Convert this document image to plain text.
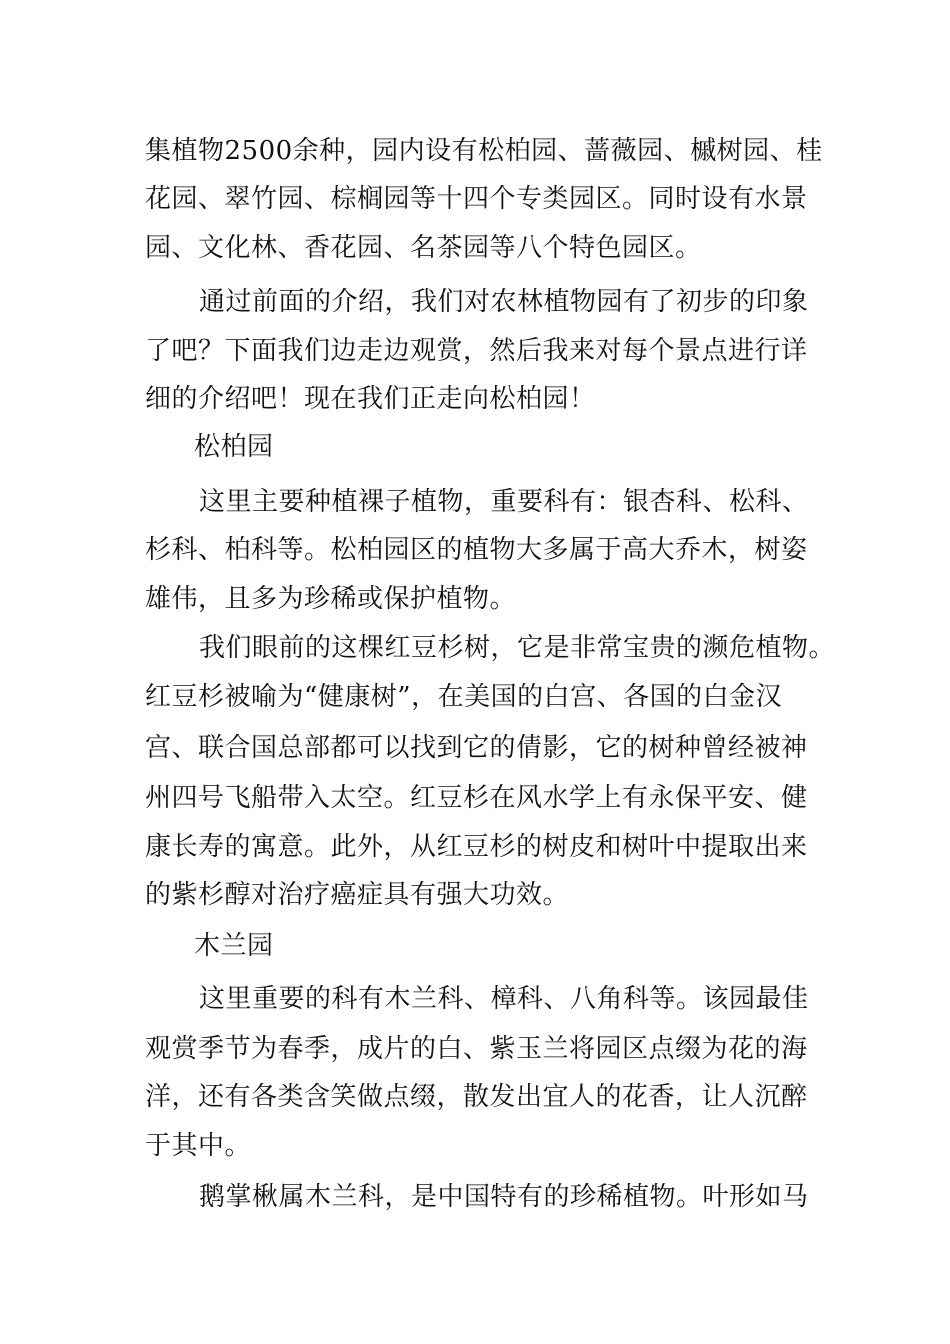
集植物2500余种，园内设有松柏园、蔷薇园、槭树园、桂
花园、翠竹园、棕榈园等十四个专类园区。同时设有水景
园、文化林、香花园、名茶园等八个特色园区。
通过前面的介绍，我们对农林植物园有了初步的印象
了吧？下面我们边走边观赏，然后我来对每个景点进行详
细的介绍吧！现在我们正走向松柏园！
松柏园
这里主要种植裸子植物，重要科有：银杏科、松科、
杉科、柏科等。松柏园区的植物大多属于高大乔木，树姿
雄伟，且多为珍稀或保护植物。
我们眼前的这棵红豆杉树，它是非常宝贵的濒危植物。
红豆杉被喻为“健康树”，在美国的白宫、各国的白金汉
宫、联合国总部都可以找到它的倩影，它的树种曾经被神
州四号飞船带入太空。红豆杉在风水学上有永保平安、健
康长寿的寓意。此外，从红豆杉的树皮和树叶中提取出来
的紫杉醇对治疗癌症具有强大功效。
木兰园
这里重要的科有木兰科、樟科、八角科等。该园最佳
观赏季节为春季，成片的白、紫玉兰将园区点缀为花的海
洋，还有各类含笑做点缀，散发出宜人的花香，让人沉醉
于其中。
鹅掌楸属木兰科，是中国特有的珍稀植物。叶形如马
